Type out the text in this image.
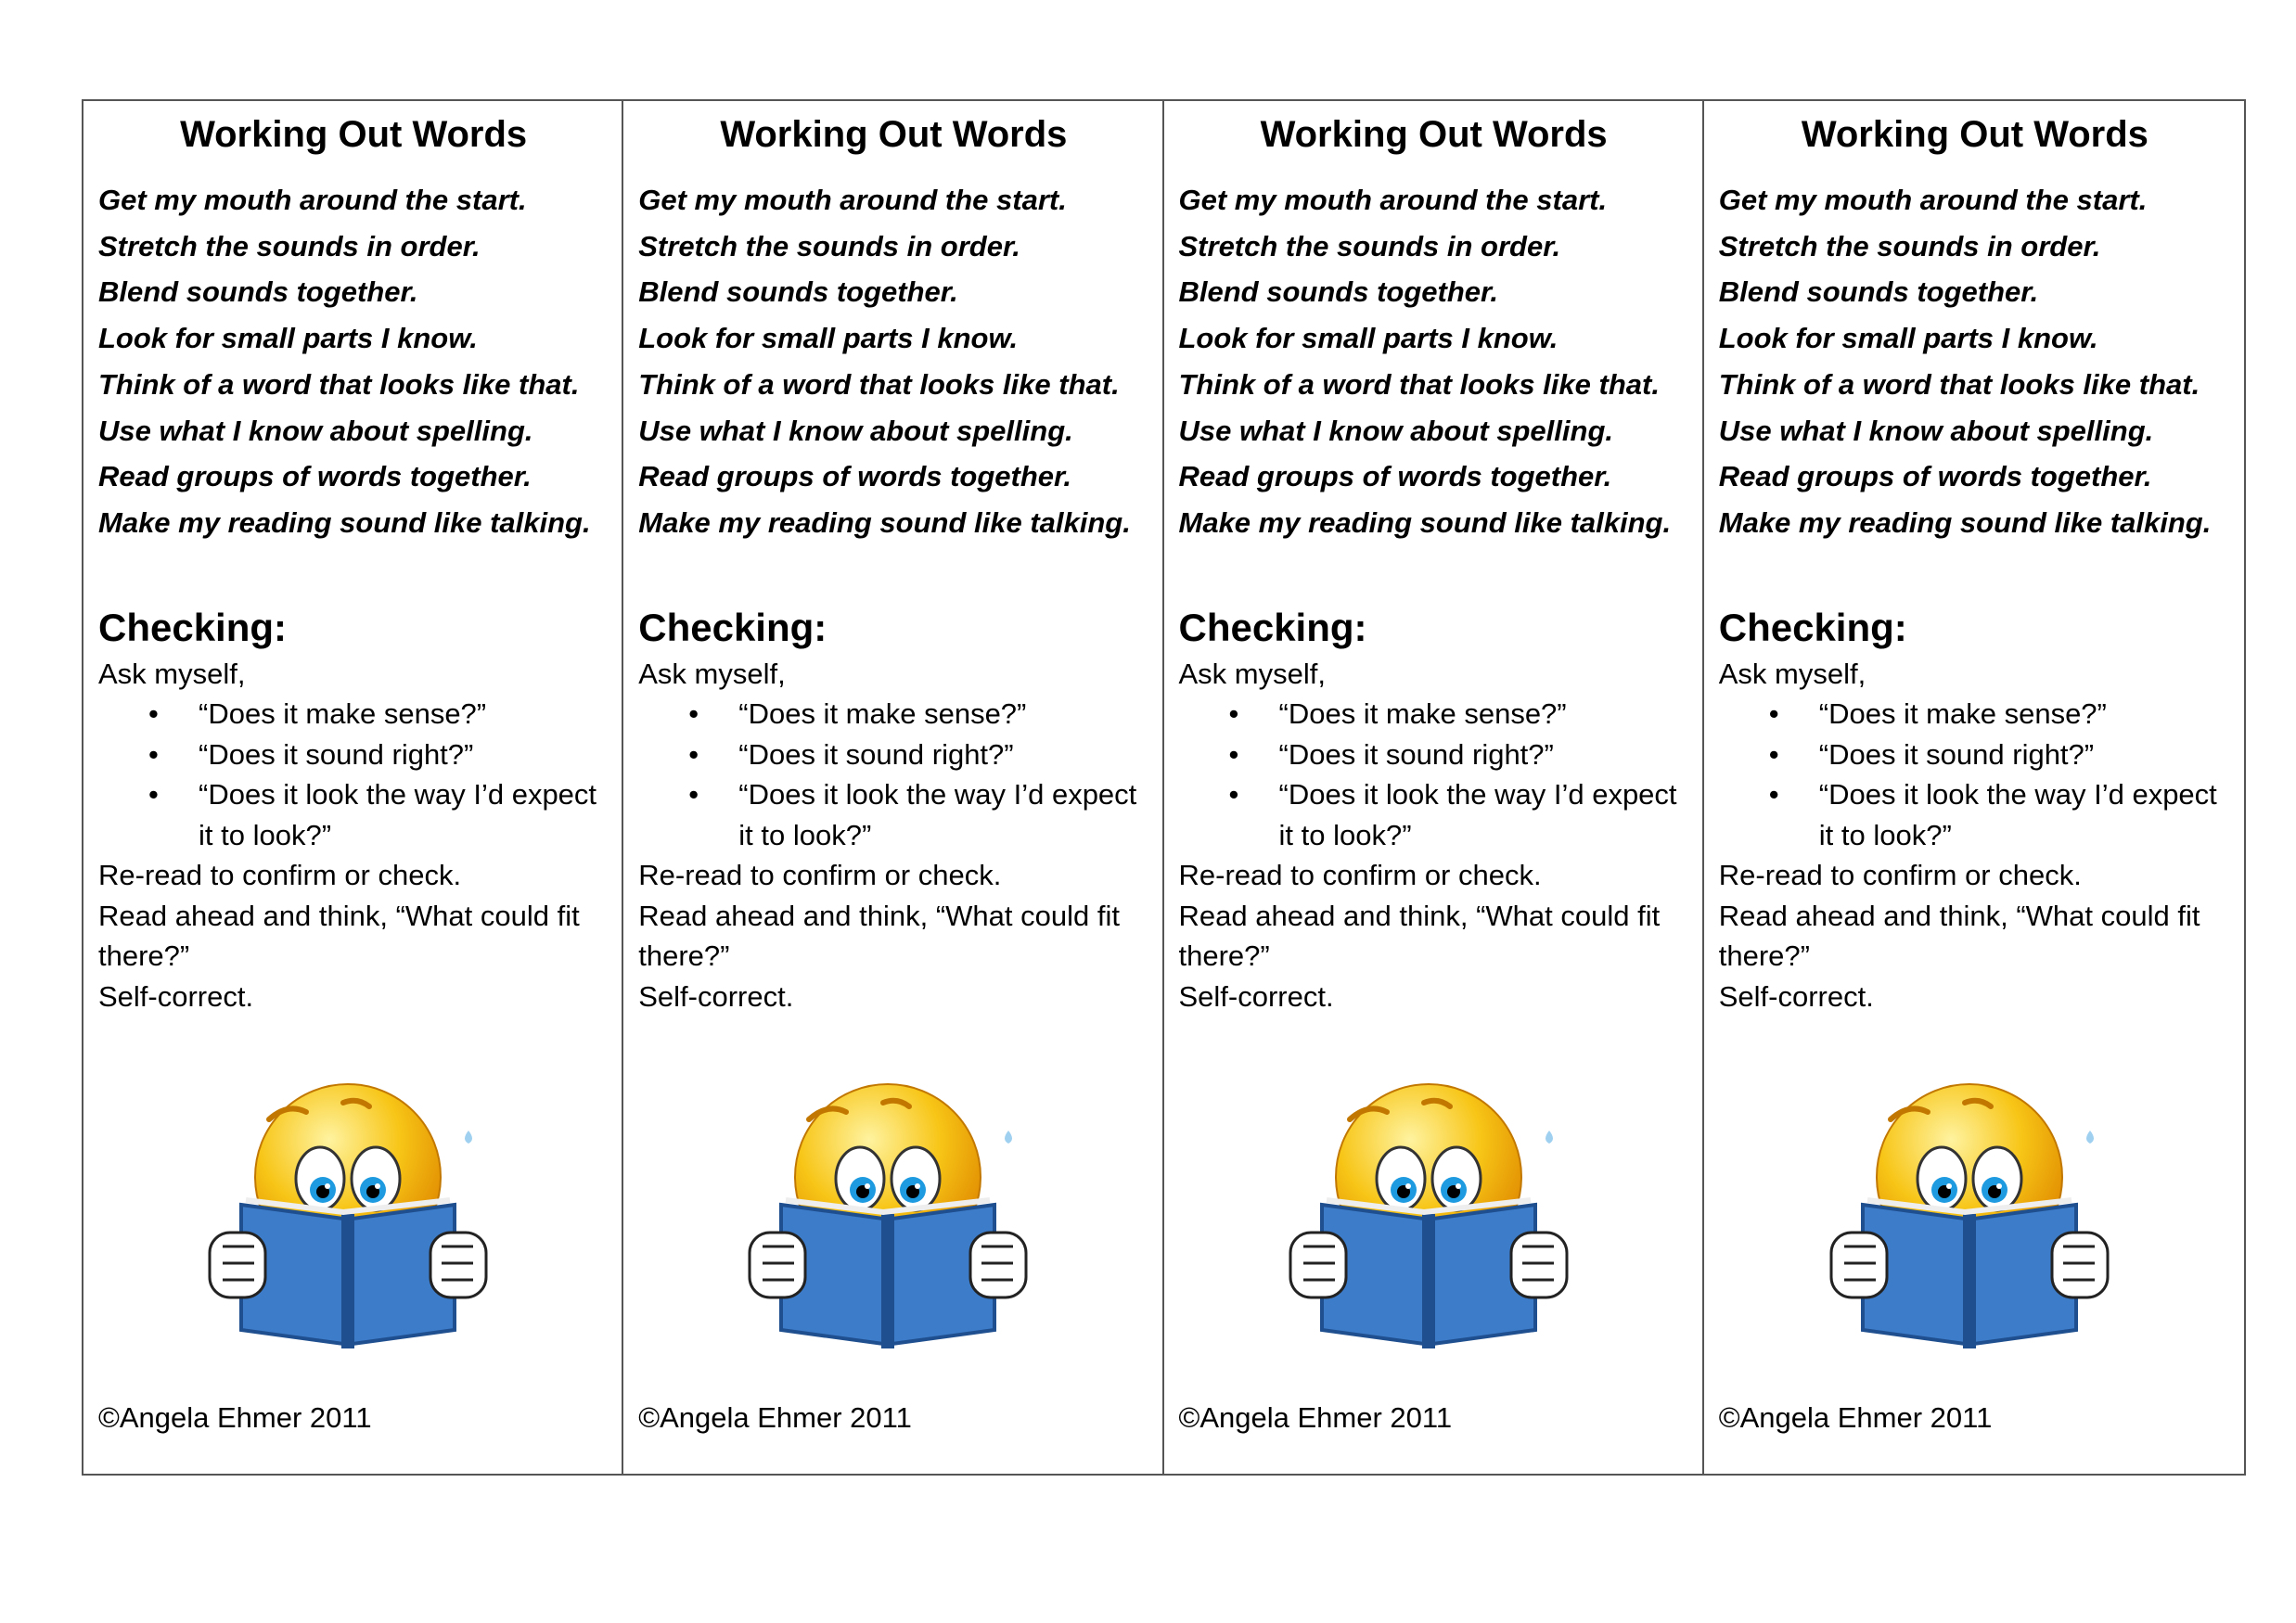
Working Out Words
Get my mouth around the start.
Stretch the sounds in order.
Blend sounds together.
Look for small parts I know.
Think of a word that looks like that.
Use what I know about spelling.
Read groups of words together.
Make my reading sound like talking.
Checking:
Ask myself,
• “Does it make sense?”
• “Does it sound right?”
• “Does it look the way I’d expect it to look?”
Re-read to confirm or check.
Read ahead and think, “What could fit there?”
Self-correct.
©Angela Ehmer 2011
Working Out Words
Get my mouth around the start.
Stretch the sounds in order.
Blend sounds together.
Look for small parts I know.
Think of a word that looks like that.
Use what I know about spelling.
Read groups of words together.
Make my reading sound like talking.
Checking:
Ask myself,
• “Does it make sense?”
• “Does it sound right?”
• “Does it look the way I’d expect it to look?”
Re-read to confirm or check.
Read ahead and think, “What could fit there?”
Self-correct.
©Angela Ehmer 2011
Working Out Words
Get my mouth around the start.
Stretch the sounds in order.
Blend sounds together.
Look for small parts I know.
Think of a word that looks like that.
Use what I know about spelling.
Read groups of words together.
Make my reading sound like talking.
Checking:
Ask myself,
• “Does it make sense?”
• “Does it sound right?”
• “Does it look the way I’d expect it to look?”
Re-read to confirm or check.
Read ahead and think, “What could fit there?”
Self-correct.
©Angela Ehmer 2011
Working Out Words
Get my mouth around the start.
Stretch the sounds in order.
Blend sounds together.
Look for small parts I know.
Think of a word that looks like that.
Use what I know about spelling.
Read groups of words together.
Make my reading sound like talking.
Checking:
Ask myself,
• “Does it make sense?”
• “Does it sound right?”
• “Does it look the way I’d expect it to look?”
Re-read to confirm or check.
Read ahead and think, “What could fit there?”
Self-correct.
©Angela Ehmer 2011
